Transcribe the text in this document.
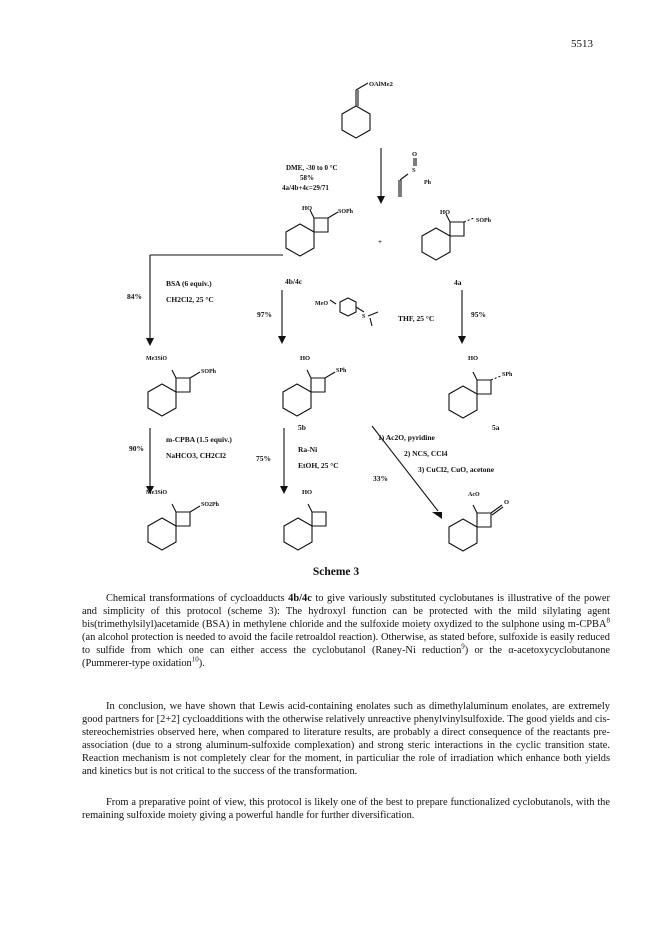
5513
OAlMe2
DME, -30 to 0 °C
58%
4a/4b+4c=29/71
O
S
Ph
HO	SOPh
+
HO
SOPh
4b/4c	4a
84%
BSA (6 equiv.)
CH2Cl2, 25 °C
97%
MeO
S	THF, 25 °C	95%
Me3SiO
SOPh
HO
SPh
HO
SPh
5b	5a
90%
m-CPBA (1.5 equiv.)
NaHCO3, CH2Cl2	75%
Ra-Ni
EtOH, 25 °C
1) Ac2O, pyridine
2) NCS, CCl4
3) CuCl2, CuO, acetone
33%
Me3SiO
SO2Ph
HO	AcO
O
Scheme 3

Chemical transformations of cycloadducts 4b/4c to give variously substituted cyclobutanes is illustrative of the power and simplicity of this protocol (scheme 3): The hydroxyl function can be protected with the mild silylating agent bis(trimethylsilyl)acetamide (BSA) in methylene chloride and the sulfoxide moiety oxydized to the sulphone using m-CPBA$^8$ (an alcohol protection is needed to avoid the facile retroaldol reaction). Otherwise, as stated before, sulfoxide is easily reduced to sulfide from which one can either access the cyclobutanol (Raney-Ni reduction$^9$) or the α-acetoxycyclobutanone (Pummerer-type oxidation$^{10}$).

In conclusion, we have shown that Lewis acid-containing enolates such as dimethylaluminum enolates, are extremely good partners for [2+2] cycloadditions with the otherwise relatively unreactive phenylvinylsulfoxide. The good yields and cis-stereochemistries observed here, when compared to literature results, are probably a direct consequence of the reactants pre-association (due to a strong aluminum-sulfoxide complexation) and strong steric interactions in the cyclic transition state. Reaction mechanism is not completely clear for the moment, in particuliar the role of irradiation which enhance both yields and kinetics but is not critical to the success of the transformation.

From a preparative point of view, this protocol is likely one of the best to prepare functionalized cyclobutanols, with the remaining sulfoxide moiety giving a powerful handle for further diversification.
